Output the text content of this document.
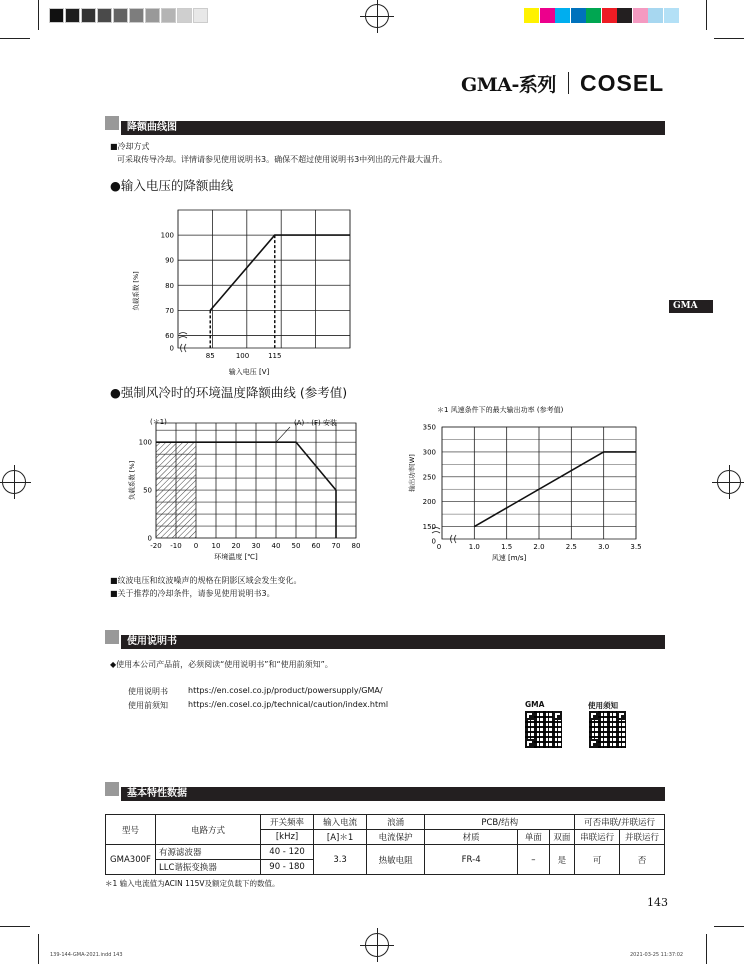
GMA-系列 COSEL
GMA
降额曲线图
■冷却方式
可采取传导冷却。详情请参见使用说明书3。确保不超过使用说明书3中列出的元件最大温升。
●输入电压的降额曲线
0
60
70
80
90
100
85	100	115
输入电压 [V]
负载系数 [%]
●强制风冷时的环境温度降额曲线 (参考值)
0
50
100
-20 -10 0 10 20 30 40 50 60 70 80
(A) - (F) 安装
(＊1)
环境温度 [℃]
负载系数 [%]
0
150
200
250
300
350
0	1.0	1.5	2.0	2.5	3.0	3.5
＊1 风速条件下的最大输出功率 (参考值)
风速 [m/s]
输出功率[W]
■纹波电压和纹波噪声的规格在阴影区域会发生变化。
■关于推荐的冷却条件，请参见使用说明书3。
使用说明书
◆使用本公司产品前，必须阅读“使用说明书”和“使用前须知”。
使用说明书	https://en.cosel.co.jp/product/powersupply/GMA/
使用前须知	https://en.cosel.co.jp/technical/caution/index.html	GMA	使用须知
基本特性数据
型号	电路方式	开关频率	输入电流	浪涌	PCB/结构			可否串联/并联运行	
		[kHz]	[A]＊1	电流保护	材质	单面	双面	串联运行	并联运行
GMA300F	有源滤波器	40 - 120	3.3	热敏电阻	FR-4	–	是	可	否
	LLC谐振变换器	90 - 180							
＊1 输入电流值为ACIN 115V及额定负载下的数值。
143
139-144-GMA-2021.indd 143	2021-03-25 11:37:02
